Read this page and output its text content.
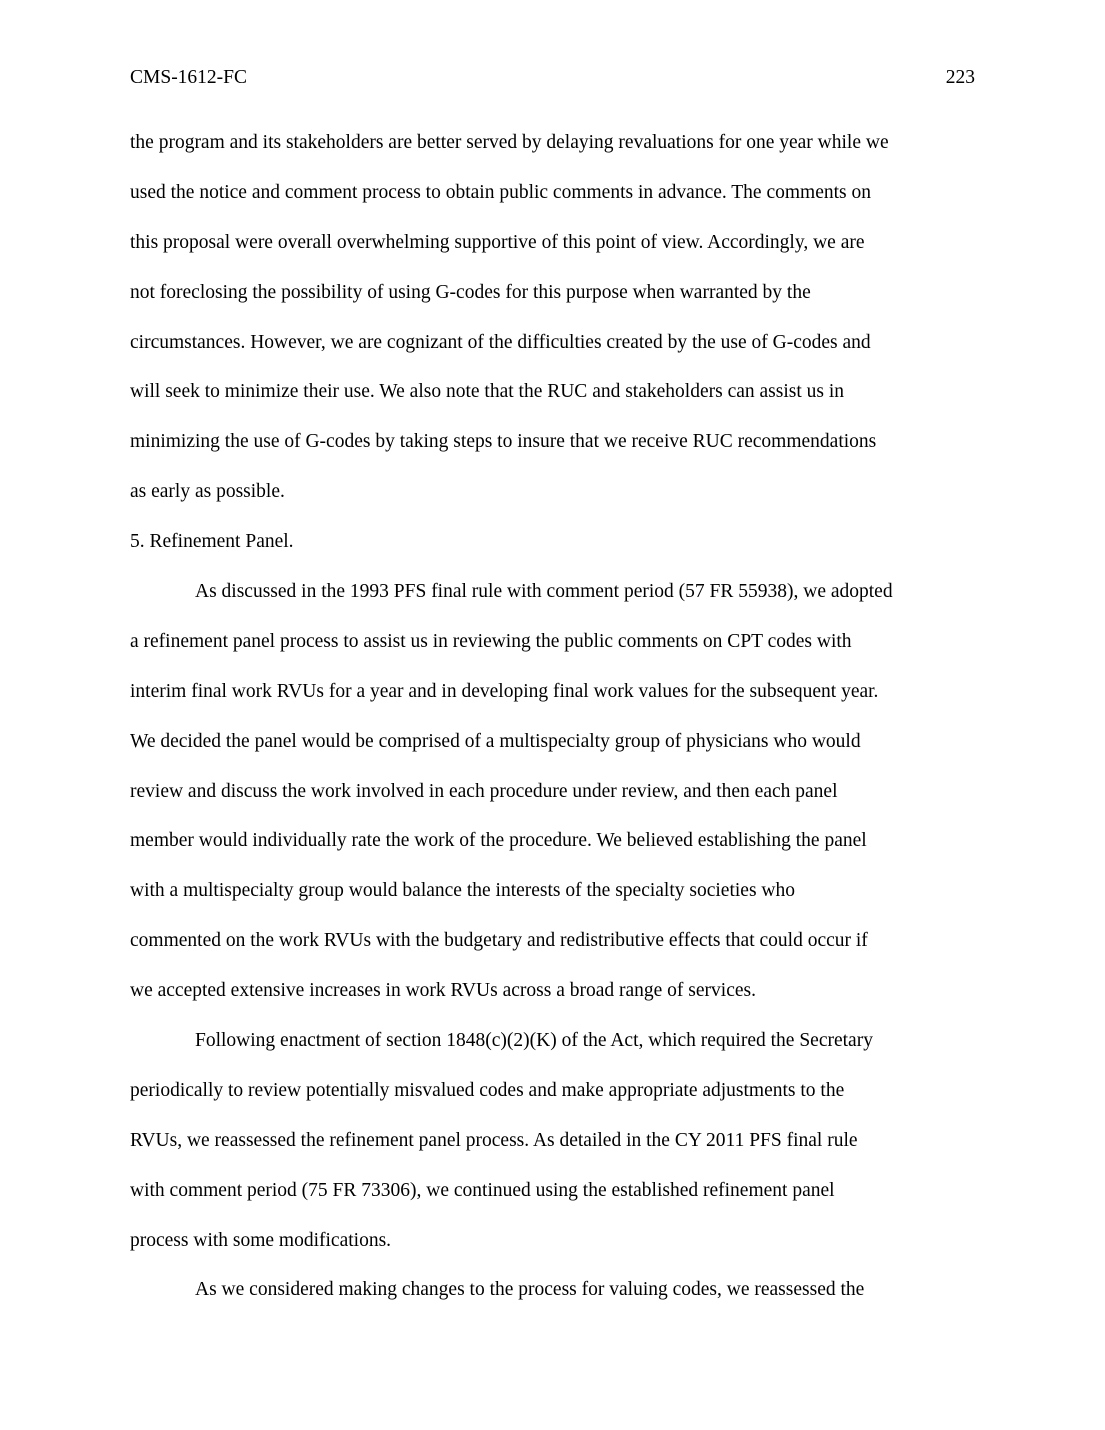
CMS-1612-FC	223
the program and its stakeholders are better served by delaying revaluations for one year while we
used the notice and comment process to obtain public comments in advance. The comments on
this proposal were overall overwhelming supportive of this point of view. Accordingly, we are
not foreclosing the possibility of using G-codes for this purpose when warranted by the
circumstances. However, we are cognizant of the difficulties created by the use of G-codes and
will seek to minimize their use. We also note that the RUC and stakeholders can assist us in
minimizing the use of G-codes by taking steps to insure that we receive RUC recommendations
as early as possible.
5. Refinement Panel.
As discussed in the 1993 PFS final rule with comment period (57 FR 55938), we adopted
a refinement panel process to assist us in reviewing the public comments on CPT codes with
interim final work RVUs for a year and in developing final work values for the subsequent year.
We decided the panel would be comprised of a multispecialty group of physicians who would
review and discuss the work involved in each procedure under review, and then each panel
member would individually rate the work of the procedure. We believed establishing the panel
with a multispecialty group would balance the interests of the specialty societies who
commented on the work RVUs with the budgetary and redistributive effects that could occur if
we accepted extensive increases in work RVUs across a broad range of services.
Following enactment of section 1848(c)(2)(K) of the Act, which required the Secretary
periodically to review potentially misvalued codes and make appropriate adjustments to the
RVUs, we reassessed the refinement panel process. As detailed in the CY 2011 PFS final rule
with comment period (75 FR 73306), we continued using the established refinement panel
process with some modifications.
As we considered making changes to the process for valuing codes, we reassessed the
